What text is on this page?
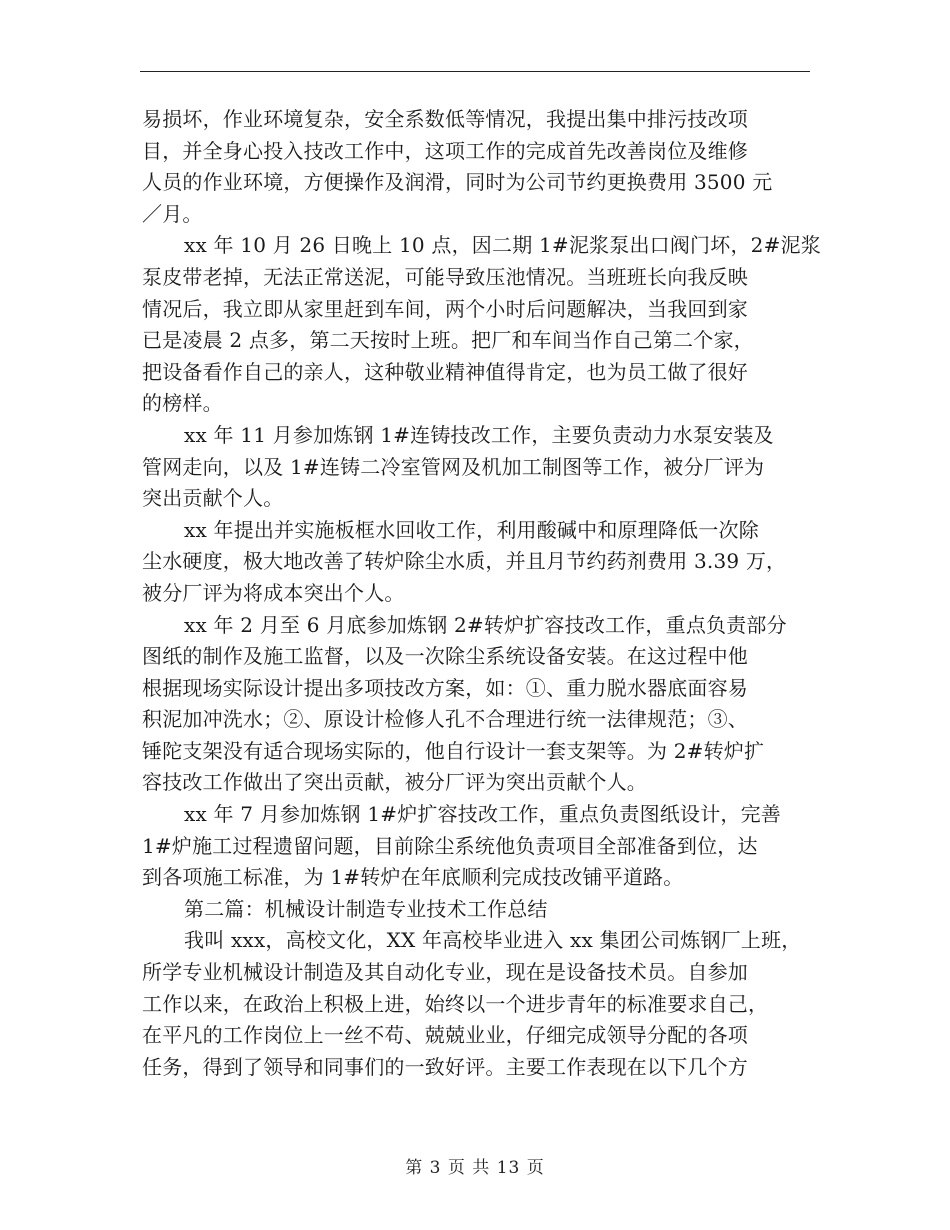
易损坏，作业环境复杂，安全系数低等情况，我提出集中排污技改项
目，并全身心投入技改工作中，这项工作的完成首先改善岗位及维修
人员的作业环境，方便操作及润滑，同时为公司节约更换费用 3500 元
／月。
xx 年 10 月 26 日晚上 10 点，因二期 1#泥浆泵出口阀门坏，2#泥浆
泵皮带老掉，无法正常送泥，可能导致压池情况。当班班长向我反映
情况后，我立即从家里赶到车间，两个小时后问题解决，当我回到家
已是凌晨 2 点多，第二天按时上班。把厂和车间当作自己第二个家，
把设备看作自己的亲人，这种敬业精神值得肯定，也为员工做了很好
的榜样。
xx 年 11 月参加炼钢 1#连铸技改工作，主要负责动力水泵安装及
管网走向，以及 1#连铸二冷室管网及机加工制图等工作，被分厂评为
突出贡献个人。
xx 年提出并实施板框水回收工作，利用酸碱中和原理降低一次除
尘水硬度，极大地改善了转炉除尘水质，并且月节约药剂费用 3.39 万，
被分厂评为将成本突出个人。
xx 年 2 月至 6 月底参加炼钢 2#转炉扩容技改工作，重点负责部分
图纸的制作及施工监督，以及一次除尘系统设备安装。在这过程中他
根据现场实际设计提出多项技改方案，如：①、重力脱水器底面容易
积泥加冲洗水；②、原设计检修人孔不合理进行统一法律规范；③、
锤陀支架没有适合现场实际的，他自行设计一套支架等。为 2#转炉扩
容技改工作做出了突出贡献，被分厂评为突出贡献个人。
xx 年 7 月参加炼钢 1#炉扩容技改工作，重点负责图纸设计，完善
1#炉施工过程遗留问题，目前除尘系统他负责项目全部准备到位，达
到各项施工标准，为 1#转炉在年底顺利完成技改铺平道路。
第二篇：机械设计制造专业技术工作总结
我叫 xxx，高校文化，XX 年高校毕业进入 xx 集团公司炼钢厂上班，
所学专业机械设计制造及其自动化专业，现在是设备技术员。自参加
工作以来，在政治上积极上进，始终以一个进步青年的标准要求自己，
在平凡的工作岗位上一丝不苟、兢兢业业，仔细完成领导分配的各项
任务，得到了领导和同事们的一致好评。主要工作表现在以下几个方
第 3 页 共 13 页
